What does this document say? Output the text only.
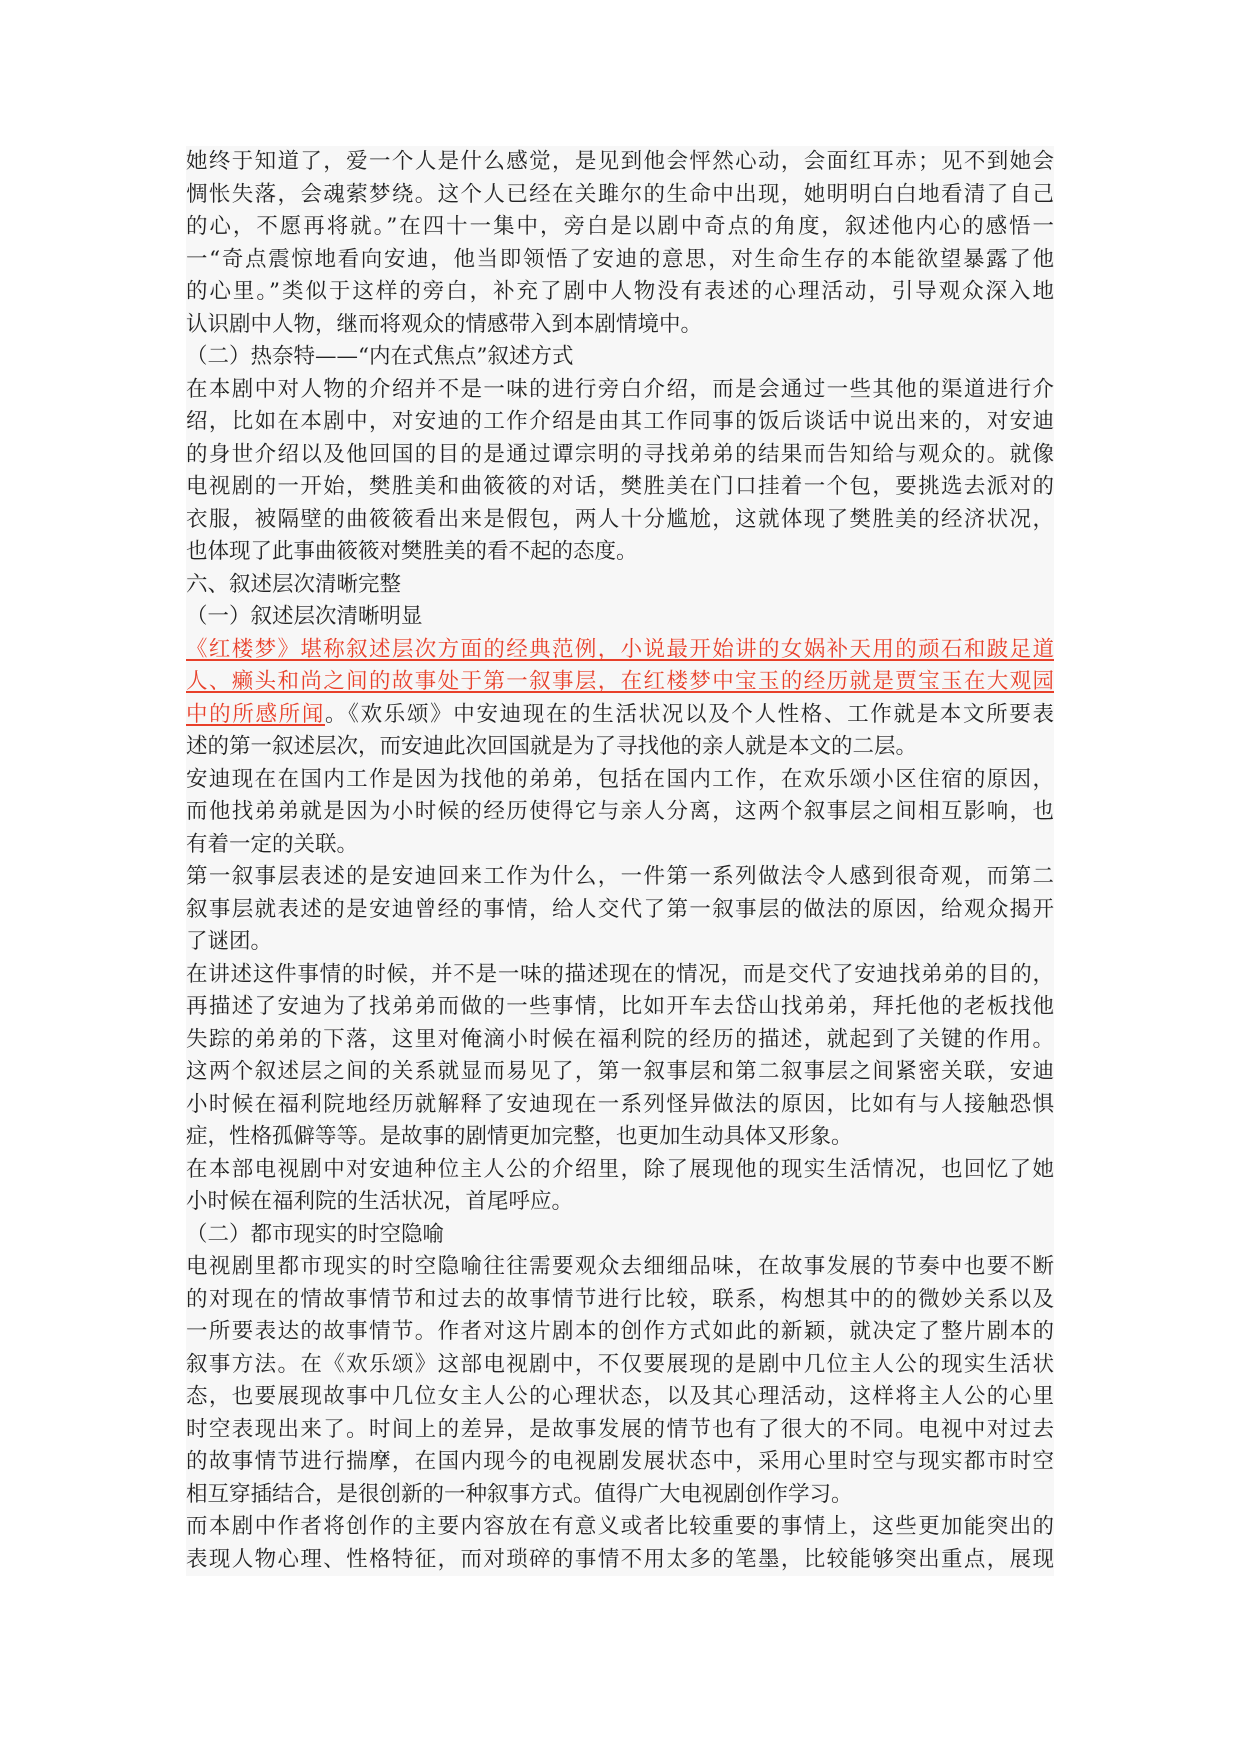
她终于知道了，爱一个人是什么感觉，是见到他会怦然心动，会面红耳赤；见不到她会
惆怅失落，会魂萦梦绕。这个人已经在关雎尔的生命中出现，她明明白白地看清了自己
的心，不愿再将就。”在四十一集中，旁白是以剧中奇点的角度，叙述他内心的感悟一
一“奇点震惊地看向安迪，他当即领悟了安迪的意思，对生命生存的本能欲望暴露了他
的心里。”类似于这样的旁白，补充了剧中人物没有表述的心理活动，引导观众深入地
认识剧中人物，继而将观众的情感带入到本剧情境中。
（二）热奈特——“内在式焦点”叙述方式
在本剧中对人物的介绍并不是一味的进行旁白介绍，而是会通过一些其他的渠道进行介
绍，比如在本剧中，对安迪的工作介绍是由其工作同事的饭后谈话中说出来的，对安迪
的身世介绍以及他回国的目的是通过谭宗明的寻找弟弟的结果而告知给与观众的。就像
电视剧的一开始，樊胜美和曲筱筱的对话，樊胜美在门口挂着一个包，要挑选去派对的
衣服，被隔壁的曲筱筱看出来是假包，两人十分尴尬，这就体现了樊胜美的经济状况，
也体现了此事曲筱筱对樊胜美的看不起的态度。
六、叙述层次清晰完整
（一）叙述层次清晰明显
《红楼梦》堪称叙述层次方面的经典范例，小说最开始讲的女娲补天用的顽石和跛足道
人、癞头和尚之间的故事处于第一叙事层，在红楼梦中宝玉的经历就是贾宝玉在大观园
中的所感所闻。《欢乐颂》中安迪现在的生活状况以及个人性格、工作就是本文所要表
述的第一叙述层次，而安迪此次回国就是为了寻找他的亲人就是本文的二层。
安迪现在在国内工作是因为找他的弟弟，包括在国内工作，在欢乐颂小区住宿的原因，
而他找弟弟就是因为小时候的经历使得它与亲人分离，这两个叙事层之间相互影响，也
有着一定的关联。
第一叙事层表述的是安迪回来工作为什么，一件第一系列做法令人感到很奇观，而第二
叙事层就表述的是安迪曾经的事情，给人交代了第一叙事层的做法的原因，给观众揭开
了谜团。
在讲述这件事情的时候，并不是一味的描述现在的情况，而是交代了安迪找弟弟的目的，
再描述了安迪为了找弟弟而做的一些事情，比如开车去岱山找弟弟，拜托他的老板找他
失踪的弟弟的下落，这里对俺滴小时候在福利院的经历的描述，就起到了关键的作用。
这两个叙述层之间的关系就显而易见了，第一叙事层和第二叙事层之间紧密关联，安迪
小时候在福利院地经历就解释了安迪现在一系列怪异做法的原因，比如有与人接触恐惧
症，性格孤僻等等。是故事的剧情更加完整，也更加生动具体又形象。
在本部电视剧中对安迪种位主人公的介绍里，除了展现他的现实生活情况，也回忆了她
小时候在福利院的生活状况，首尾呼应。
（二）都市现实的时空隐喻
电视剧里都市现实的时空隐喻往往需要观众去细细品味，在故事发展的节奏中也要不断
的对现在的情故事情节和过去的故事情节进行比较，联系，构想其中的的微妙关系以及
一所要表达的故事情节。作者对这片剧本的创作方式如此的新颖，就决定了整片剧本的
叙事方法。在《欢乐颂》这部电视剧中，不仅要展现的是剧中几位主人公的现实生活状
态，也要展现故事中几位女主人公的心理状态，以及其心理活动，这样将主人公的心里
时空表现出来了。时间上的差异，是故事发展的情节也有了很大的不同。电视中对过去
的故事情节进行揣摩，在国内现今的电视剧发展状态中，采用心里时空与现实都市时空
相互穿插结合，是很创新的一种叙事方式。值得广大电视剧创作学习。
而本剧中作者将创作的主要内容放在有意义或者比较重要的事情上，这些更加能突出的
表现人物心理、性格特征，而对琐碎的事情不用太多的笔墨，比较能够突出重点，展现
